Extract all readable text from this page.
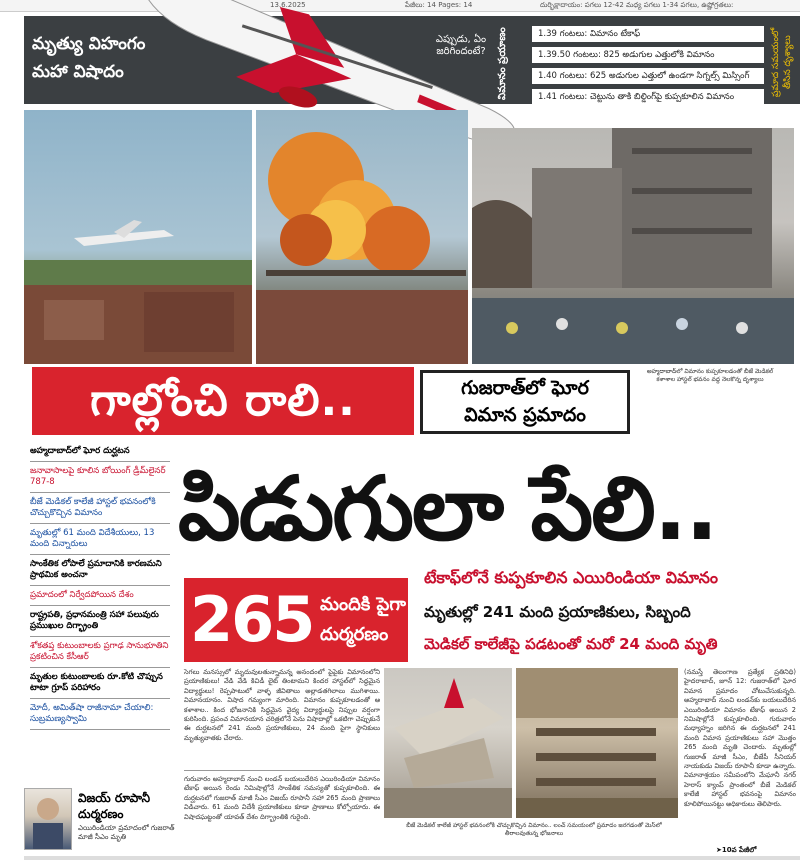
13.6.2025	పేజీలు: 14 Pages: 14	దుర్భిక్షాదాయం: పగలు 12-42 మధ్య పగలు 1-34 పగలు, ఉష్ణోగ్రతలు:
మృత్యు విహంగం
మహా విషాదం
ఎప్పుడు, ఏం జరిగిందంటే?	విమానం ప్రయాణం	1.39 గంటలు: విమానం టేకాఫ్
1.39.50 గంటలు: 825 అడుగుల ఎత్తులోకి విమానం
1.40 గంటలు: 625 అడుగుల ఎత్తులో ఉండగా సిగ్నల్స్ మిస్సింగ్
1.41 గంటలు: చెట్టును తాకి బిల్డింగ్‌పై కుప్పకూలిన విమానం
ప్రమాద సమయంలో తీసిన దృశ్యాలు
అహ్మదాబాద్‌లో విమానం కుప్పకూలడంతో బీజే మెడికల్ కళాశాల హాస్టల్ భవనం వద్ద నెలకొన్న దృశ్యాలు
గాల్లోంచి రాలి..	గుజరాత్‌లో ఘోర
విమాన ప్రమాదం
పిడుగులా పేలి..
అహ్మదాబాద్‌లో ఘోర దుర్ఘటన
జనావాసాలపై కూలిన బోయింగ్ డ్రీమ్‌లైనర్ 787-8
బీజే మెడికల్ కాలేజీ హాస్టల్ భవనంలోకి చొచ్చుకొచ్చిన విమానం
మృతుల్లో 61 మంది విదేశీయులు, 13 మంది చిన్నారులు
సాంకేతిక లోపాలే ప్రమాదానికి కారణమని ప్రాథమిక అంచనా
ప్రమాదంలో నిర్వేదపోయిన దేశం
రాష్ట్రపతి, ప్రధానమంత్రి సహా పలువురు ప్రముఖుల దిగ్భ్రాంతి
శోకతప్త కుటుంబాలకు ప్రగాఢ సానుభూతిని ప్రకటించిన కేసీఆర్
మృతుల కుటుంబాలకు రూ.కోటి చొప్పున టాటా గ్రూప్ పరిహారం
మోదీ, అమిత్‌షా రాజీనామా చేయాలి: సుబ్రమణ్యస్వామి
265 మందికి పైగా
దుర్మరణం
టేకాఫ్‌లోనే కుప్పకూలిన ఎయిరిండియా విమానం
మృతుల్లో 241 మంది ప్రయాణికులు, సిబ్బంది
మెడికల్ కాలేజీపై పడటంతో మరో 24 మంది మృతి
సెగలు మనస్సులో మృదువులతున్నామన్న అనందంలో పైపైకు విమానంలోని ప్రయాణికులు! వేడి వేడి కిచిడీ లైట్ తింటామని కిందర హాస్టల్‌లో సిద్ధమైన విద్యార్థులు! రెప్పపాటులో వాళ్ళ జీవితాలు అల్లాడతగిలాలు ముగిశాయి. విమానయానం. విషాద గమ్యంగా మారింది. విమానం కుప్పకూలడంతో ఆ కళాశాల.. కింద భోజనానికి సిద్ధమైన వైద్య విద్యార్థులపై నిప్పుల వర్షంగా కురిసింది. ప్రపంచ విమానయాన చరిత్రలోనే పెను విషాదాల్లో ఒకటిగా చెప్పుకునే ఈ దుర్ఘటనలో 241 మంది ప్రయాణికులు, 24 మంది పైగా స్థానికులు మృత్యువాతకు చేరారు.
గురువారం అహ్మదాబాద్ నుంచి లండన్ బయలుదేరిన ఎయిరిండియా విమానం టేకాఫ్ అయిన రెండు నిమిషాల్లోనే సాంకేతిక సమస్యతో కుప్పకూలింది. ఈ దుర్ఘటనలో గుజరాత్ మాజీ సీఎం విజయ్ రూపానీ సహా 265 మంది ప్రాణాలు విడిచారు. 61 మంది విదేశీ ప్రయాణికులు కూడా ప్రాణాలు కోల్పోయారు. ఈ విషాదఘట్టంతో యావత్ దేశం దిగ్భ్రాంతికి గురైంది.
బీజే మెడికల్ కాలేజీ హాస్టల్ భవనంలోకి చొచ్చుకొచ్చిన విమానం.. లంచ్ సమయంలో ప్రమాదం జరగడంతో మెస్‌లో తీరాలవుతున్న భోజనాలు
(నమస్తే తెలంగాణ ప్రత్యేక ప్రతినిధి) హైదరాబాద్, జూన్ 12: గుజరాత్‌లో ఘోర విమాన ప్రమాదం చోటుచేసుకున్నది. అహ్మదాబాద్ నుంచి లండన్‌కు బయలుదేరిన ఎయిరిండియా విమానం టేకాఫ్ అయిన 2 నిమిషాల్లోనే కుప్పకూలింది. గురువారం మధ్యాహ్నం జరిగిన ఈ దుర్ఘటనలో 241 మంది విమాన ప్రయాణికులు సహా మొత్తం 265 మంది మృతి చెందారు. మృతుల్లో గుజరాత్ మాజీ సీఎం, బీజేపీ సీనియర్ నాయకుడు విజయ్ రూపానీ కూడా ఉన్నారు. విమానాశ్రయం సమీపంలోని మేఘానీ నగర్ హెరాస్ క్యాంప్ ప్రాంతంలో బీజే మెడికల్ కాలేజీ హాస్టల్ భవనంపై విమానం కూలిపోయినట్టు అధికారులు తెలిపారు.
➤10వ పేజీలో
విజయ్ రూపానీ
దుర్మరణం
ఎయిరిండియా ప్రమాదంలో గుజరాత్ మాజీ సీఎం మృతి
